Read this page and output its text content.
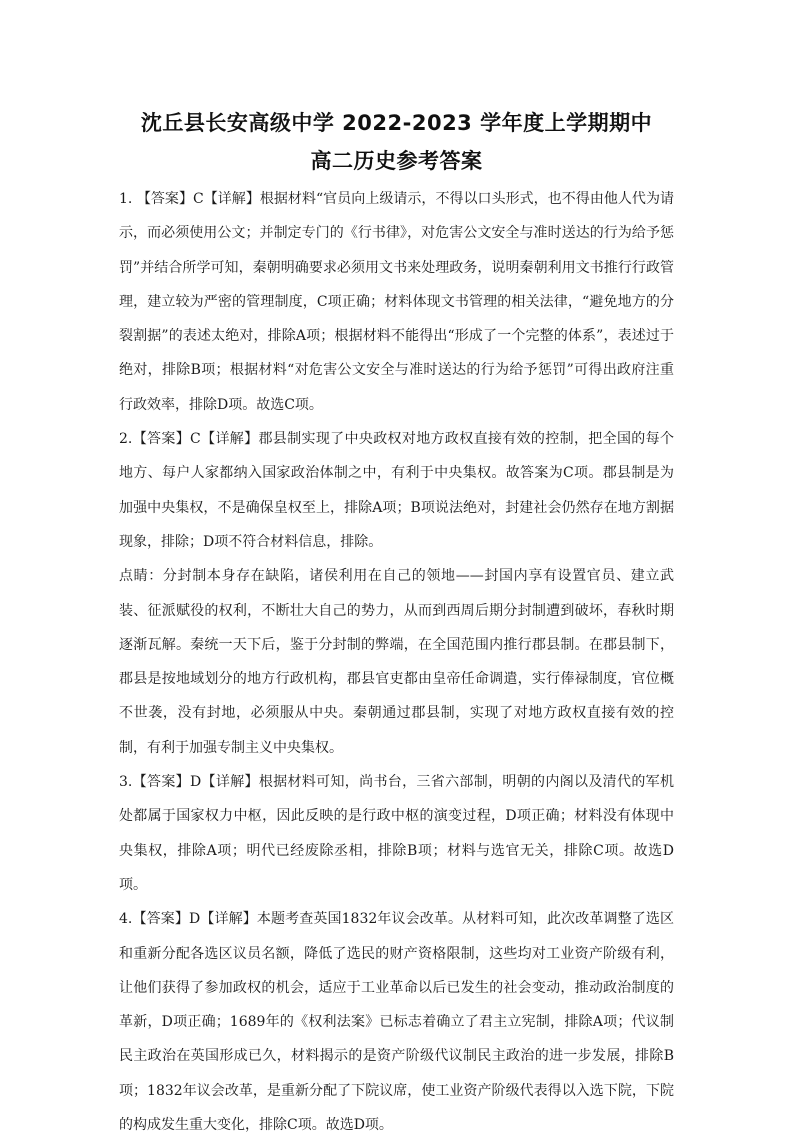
沈丘县长安高级中学 2022-2023 学年度上学期期中
高二历史参考答案

1. 【答案】C【详解】根据材料“官员向上级请示，不得以口头形式，也不得由他人代为请示，而必须使用公文；并制定专门的《行书律》，对危害公文安全与准时送达的行为给予惩罚”并结合所学可知，秦朝明确要求必须用文书来处理政务，说明秦朝利用文书推行行政管理，建立较为严密的管理制度，C项正确；材料体现文书管理的相关法律，“避免地方的分裂割据”的表述太绝对，排除A项；根据材料不能得出“形成了一个完整的体系”，表述过于绝对，排除B项；根据材料“对危害公文安全与准时送达的行为给予惩罚”可得出政府注重行政效率，排除D项。故选C项。

2.【答案】C【详解】郡县制实现了中央政权对地方政权直接有效的控制，把全国的每个地方、每户人家都纳入国家政治体制之中，有利于中央集权。故答案为C项。郡县制是为加强中央集权，不是确保皇权至上，排除A项；B项说法绝对，封建社会仍然存在地方割据现象，排除；D项不符合材料信息，排除。

点睛：分封制本身存在缺陷，诸侯利用在自己的领地——封国内享有设置官员、建立武装、征派赋役的权利，不断壮大自己的势力，从而到西周后期分封制遭到破坏，春秋时期逐渐瓦解。秦统一天下后，鉴于分封制的弊端，在全国范围内推行郡县制。在郡县制下，郡县是按地域划分的地方行政机构，郡县官吏都由皇帝任命调遣，实行俸禄制度，官位概不世袭，没有封地，必须服从中央。秦朝通过郡县制，实现了对地方政权直接有效的控制，有利于加强专制主义中央集权。

3.【答案】D【详解】根据材料可知，尚书台，三省六部制，明朝的内阁以及清代的军机处都属于国家权力中枢，因此反映的是行政中枢的演变过程，D项正确；材料没有体现中央集权，排除A项；明代已经废除丞相，排除B项；材料与选官无关，排除C项。故选D项。

4.【答案】D【详解】本题考查英国1832年议会改革。从材料可知，此次改革调整了选区和重新分配各选区议员名额，降低了选民的财产资格限制，这些均对工业资产阶级有利，让他们获得了参加政权的机会，适应于工业革命以后已发生的社会变动，推动政治制度的革新，D项正确；1689年的《权利法案》已标志着确立了君主立宪制，排除A项；代议制民主政治在英国形成已久，材料揭示的是资产阶级代议制民主政治的进一步发展，排除B项；1832年议会改革，是重新分配了下院议席，使工业资产阶级代表得以入选下院，下院的构成发生重大变化，排除C项。故选D项。
